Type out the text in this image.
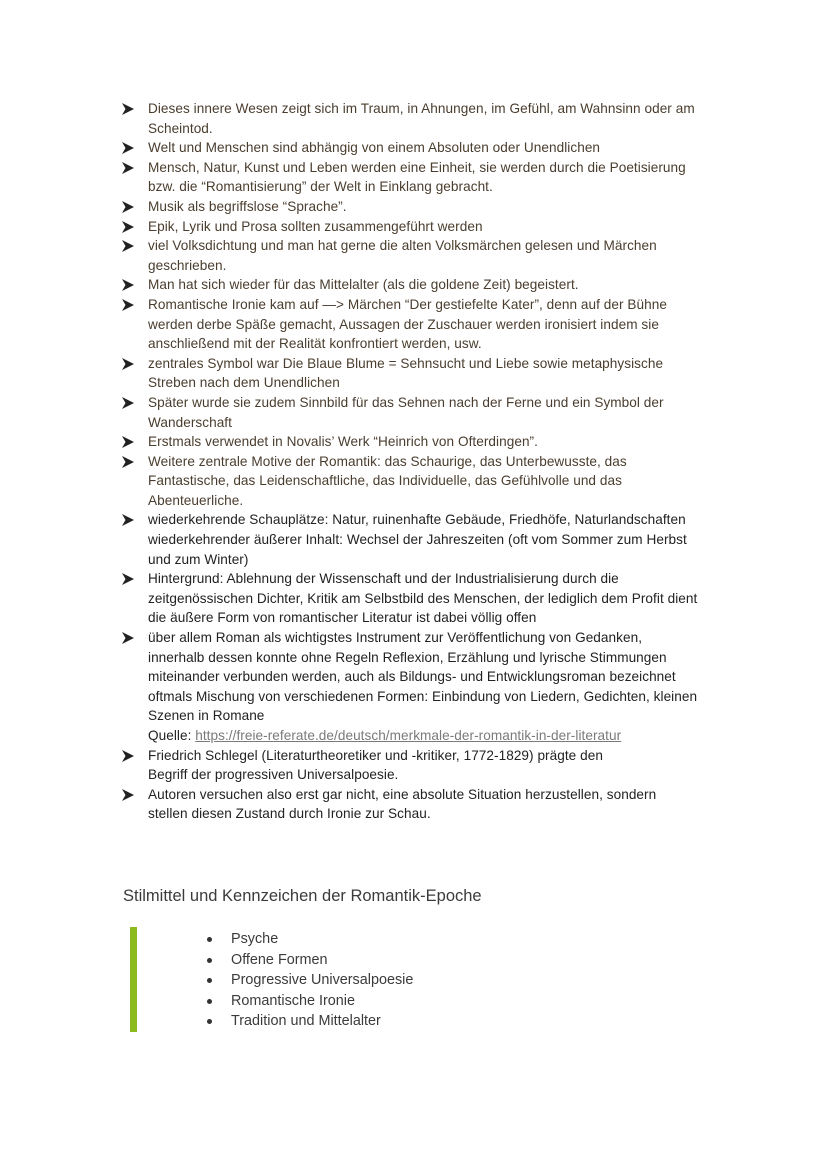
Dieses innere Wesen zeigt sich im Traum, in Ahnungen, im Gefühl, am Wahnsinn oder am
Scheintod.
Welt und Menschen sind abhängig von einem Absoluten oder Unendlichen
Mensch, Natur, Kunst und Leben werden eine Einheit, sie werden durch die Poetisierung
bzw. die “Romantisierung” der Welt in Einklang gebracht.
Musik als begriffslose “Sprache”.
Epik, Lyrik und Prosa sollten zusammengeführt werden
viel Volksdichtung und man hat gerne die alten Volksmärchen gelesen und Märchen
geschrieben.
Man hat sich wieder für das Mittelalter (als die goldene Zeit) begeistert.
Romantische Ironie kam auf —> Märchen “Der gestiefelte Kater”, denn auf der Bühne
werden derbe Späße gemacht, Aussagen der Zuschauer werden ironisiert indem sie
anschließend mit der Realität konfrontiert werden, usw.
zentrales Symbol war Die Blaue Blume = Sehnsucht und Liebe sowie metaphysische
Streben nach dem Unendlichen
Später wurde sie zudem Sinnbild für das Sehnen nach der Ferne und ein Symbol der
Wanderschaft
Erstmals verwendet in Novalis’ Werk “Heinrich von Ofterdingen”.
Weitere zentrale Motive der Romantik: das Schaurige, das Unterbewusste, das
Fantastische, das Leidenschaftliche, das Individuelle, das Gefühlvolle und das
Abenteuerliche.
wiederkehrende Schauplätze: Natur, ruinenhafte Gebäude, Friedhöfe, Naturlandschaften
wiederkehrender äußerer Inhalt: Wechsel der Jahreszeiten (oft vom Sommer zum Herbst
und zum Winter)
Hintergrund: Ablehnung der Wissenschaft und der Industrialisierung durch die
zeitgenössischen Dichter, Kritik am Selbstbild des Menschen, der lediglich dem Profit dient
die äußere Form von romantischer Literatur ist dabei völlig offen
über allem Roman als wichtigstes Instrument zur Veröffentlichung von Gedanken,
innerhalb dessen konnte ohne Regeln Reflexion, Erzählung und lyrische Stimmungen
miteinander verbunden werden, auch als Bildungs- und Entwicklungsroman bezeichnet
oftmals Mischung von verschiedenen Formen: Einbindung von Liedern, Gedichten, kleinen
Szenen in Romane
Quelle: https://freie-referate.de/deutsch/merkmale-der-romantik-in-der-literatur
Friedrich Schlegel (Literaturtheoretiker und -kritiker, 1772-1829) prägte den
Begriff der progressiven Universalpoesie.
Autoren versuchen also erst gar nicht, eine absolute Situation herzustellen, sondern
stellen diesen Zustand durch Ironie zur Schau.
Stilmittel und Kennzeichen der Romantik-Epoche
Psyche
Offene Formen
Progressive Universalpoesie
Romantische Ironie
Tradition und Mittelalter
